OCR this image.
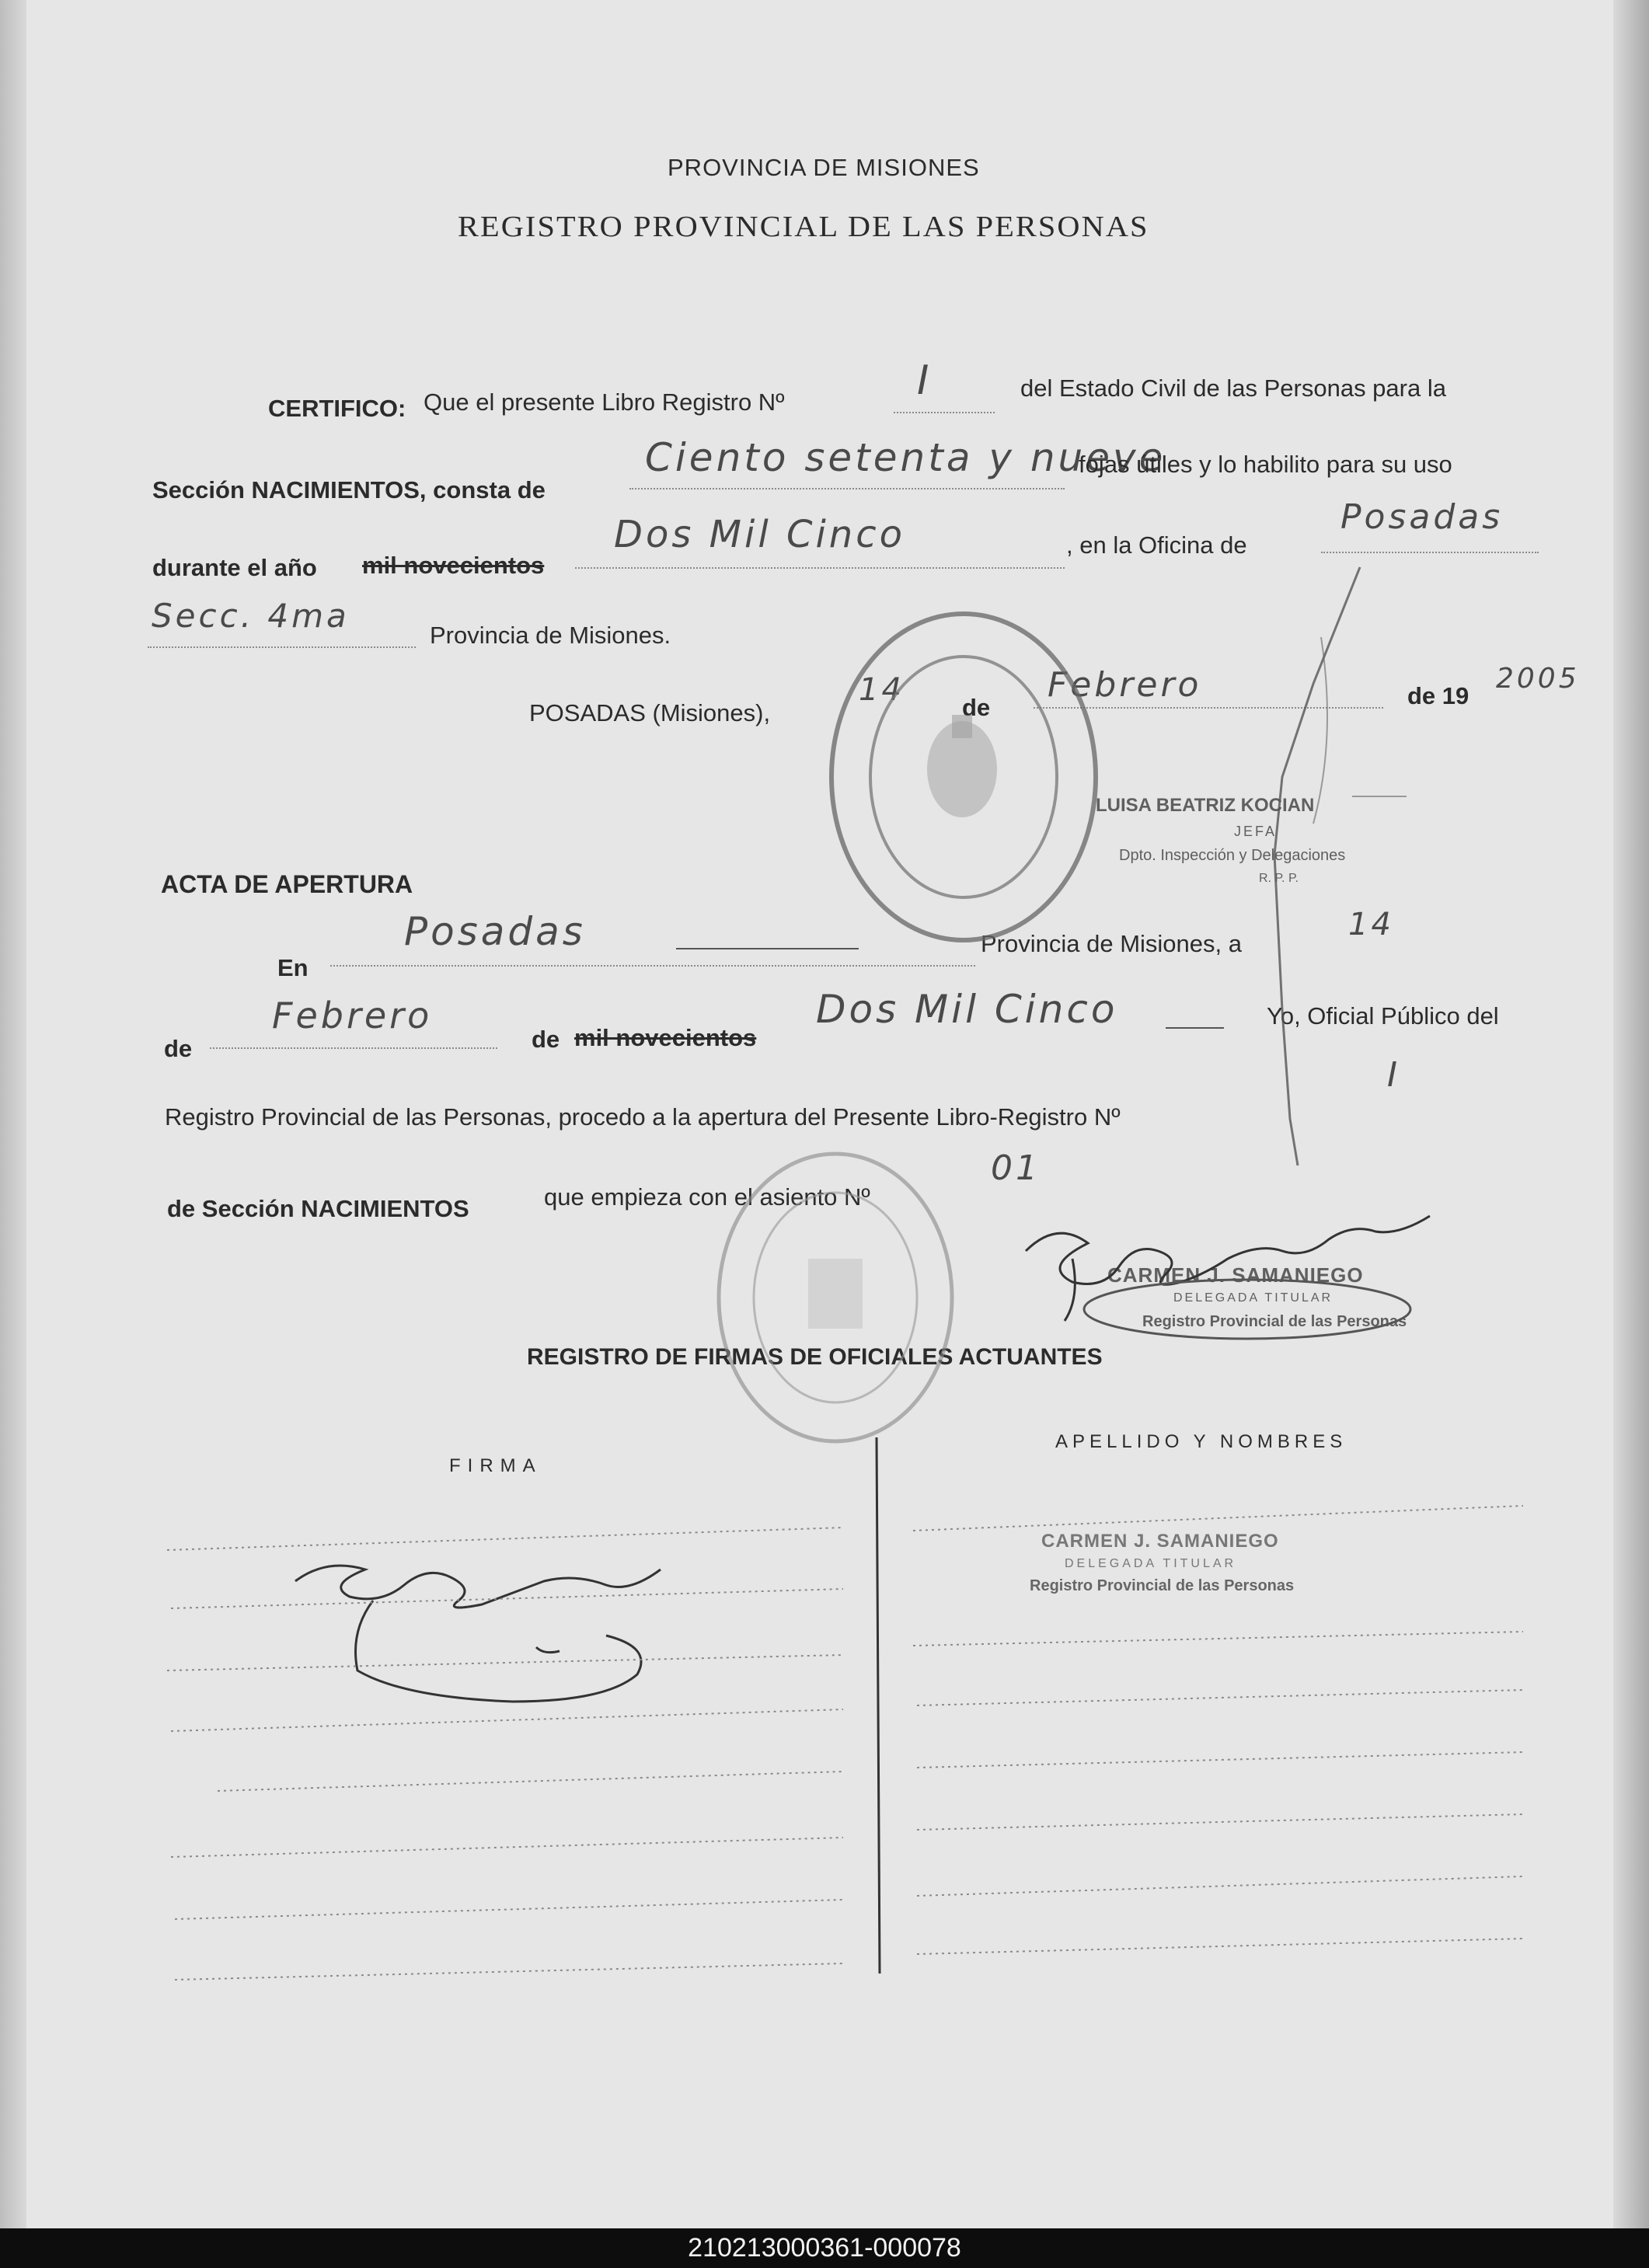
PROVINCIA DE MISIONES
REGISTRO PROVINCIAL DE LAS PERSONAS
CERTIFICO: Que el presente Libro Registro Nº	I	del Estado Civil de las Personas para la
Sección NACIMIENTOS, consta de
Ciento setenta y nueve
fojas útiles y lo habilito para su uso
durante el año mil novecientos
Dos Mil Cinco	, en la Oficina de
Posadas
Secc. 4ma
Provincia de Misiones.
POSADAS (Misiones),
14 de
Febrero	de 19
2005
LUISA BEATRIZ KOCIAN
JEFA
Dpto. Inspección y Delegaciones
R. P. P.
ACTA DE APERTURA
En
Posadas	Provincia de Misiones, a
14
de
Febrero
de mil novecientos
Dos Mil Cinco	Yo, Oficial Público del
Registro Provincial de las Personas, procedo a la apertura del Presente Libro-Registro Nº
I
de Sección NACIMIENTOS	que empieza con el asiento Nº
01
CARMEN J. SAMANIEGO
DELEGADA TITULAR
Registro Provincial de las Personas
REGISTRO DE FIRMAS DE OFICIALES ACTUANTES
FIRMA
APELLIDO Y NOMBRES
CARMEN J. SAMANIEGO
DELEGADA TITULAR
Registro Provincial de las Personas
210213000361-000078
